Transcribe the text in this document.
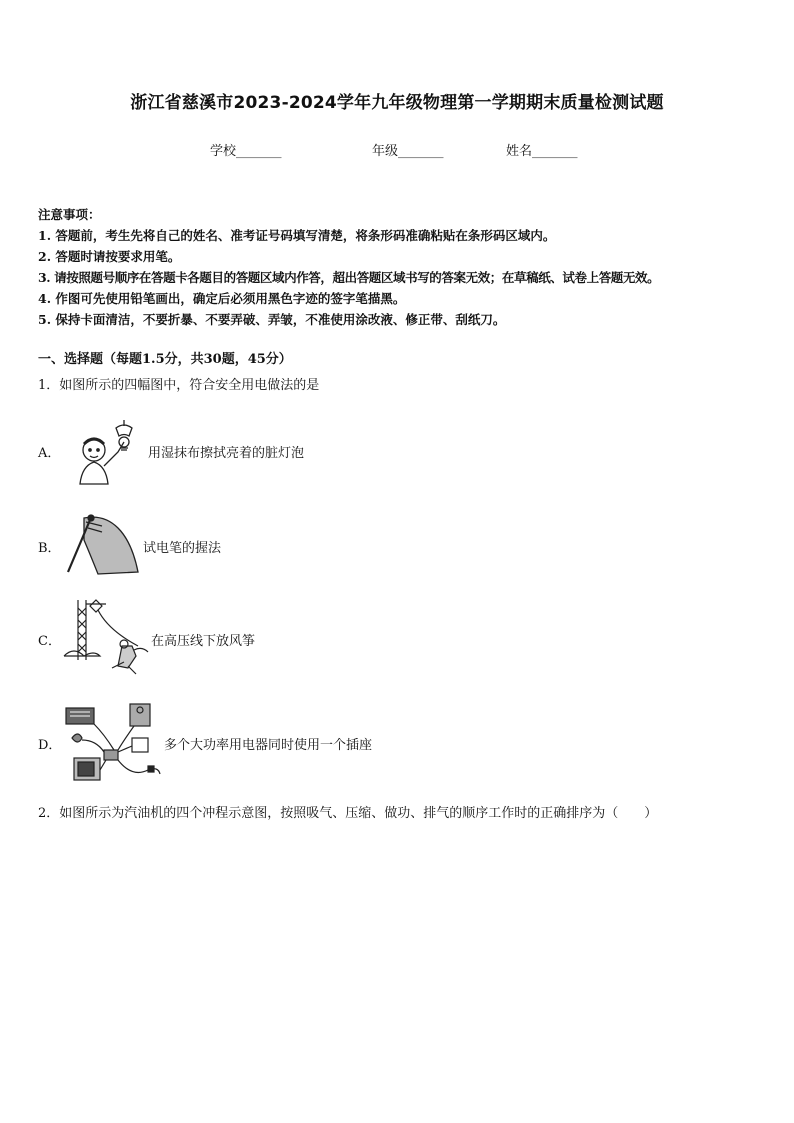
浙江省慈溪市2023-2024学年九年级物理第一学期期末质量检测试题
学校_______	年级_______	姓名_______
注意事项：
1. 答题前，考生先将自己的姓名、准考证号码填写清楚，将条形码准确粘贴在条形码区域内。
2. 答题时请按要求用笔。
3. 请按照题号顺序在答题卡各题目的答题区域内作答，超出答题区域书写的答案无效；在草稿纸、试卷上答题无效。
4. 作图可先使用铅笔画出，确定后必须用黑色字迹的签字笔描黑。
5. 保持卡面清洁，不要折暴、不要弄破、弄皱，不准使用涂改液、修正带、刮纸刀。
一、选择题（每题1.5分，共30题，45分）
1．如图所示的四幅图中，符合安全用电做法的是
A．	用湿抹布擦拭亮着的脏灯泡
B．	试电笔的握法
C．	在高压线下放风筝
D．	多个大功率用电器同时使用一个插座
2．如图所示为汽油机的四个冲程示意图，按照吸气、压缩、做功、排气的顺序工作时的正确排序为（　　）
